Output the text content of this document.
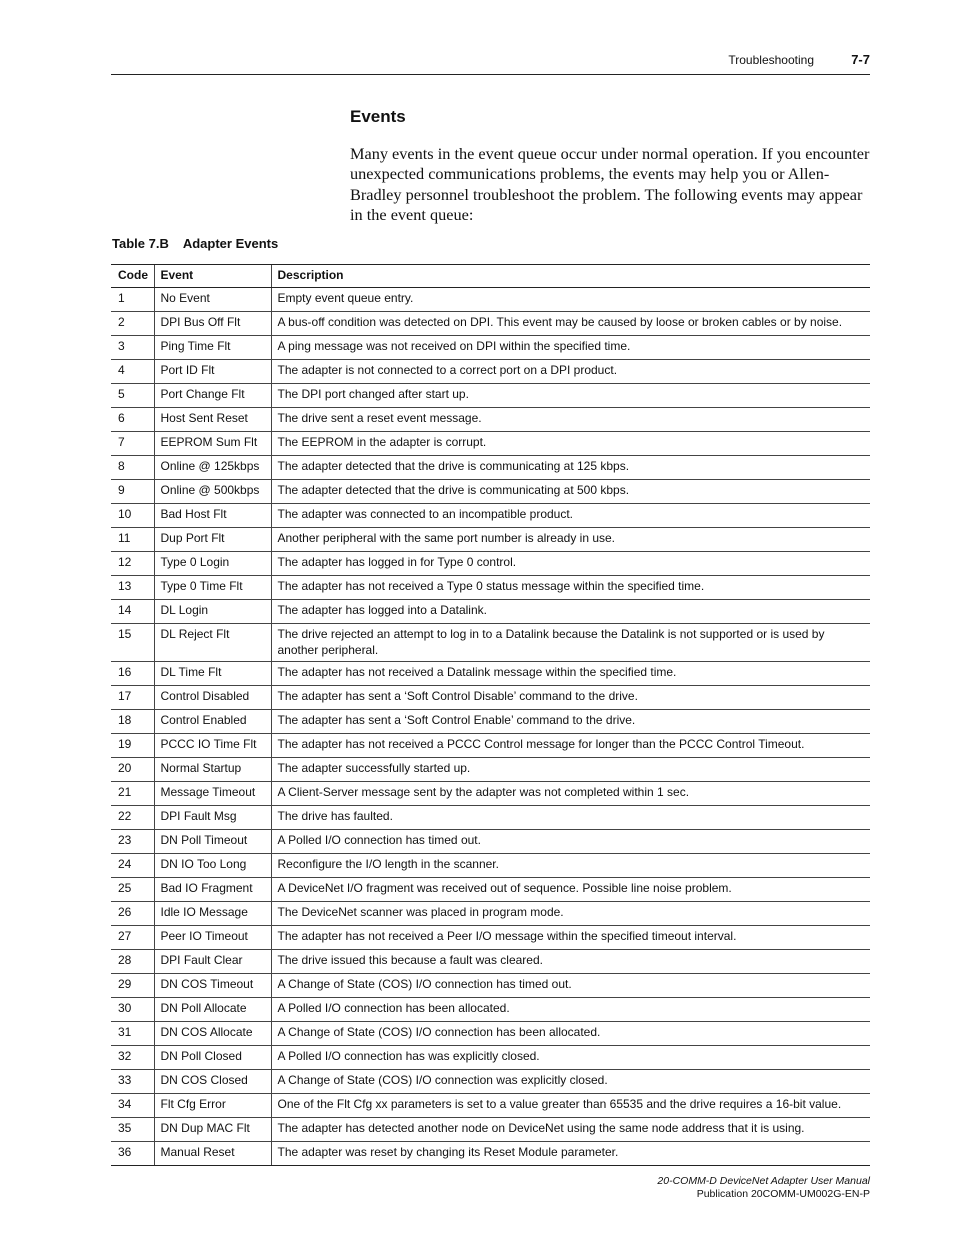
Troubleshooting	7-7
Events

Many events in the event queue occur under normal operation. If you encounter unexpected communications problems, the events may help you or Allen-Bradley personnel troubleshoot the problem. The following events may appear in the event queue:

Table 7.B Adapter Events
Code	Event	Description
1	No Event	Empty event queue entry.
2	DPI Bus Off Flt	A bus-off condition was detected on DPI. This event may be caused by loose or broken cables or by noise.
3	Ping Time Flt	A ping message was not received on DPI within the specified time.
4	Port ID Flt	The adapter is not connected to a correct port on a DPI product.
5	Port Change Flt	The DPI port changed after start up.
6	Host Sent Reset	The drive sent a reset event message.
7	EEPROM Sum Flt	The EEPROM in the adapter is corrupt.
8	Online @ 125kbps	The adapter detected that the drive is communicating at 125 kbps.
9	Online @ 500kbps	The adapter detected that the drive is communicating at 500 kbps.
10	Bad Host Flt	The adapter was connected to an incompatible product.
11	Dup Port Flt	Another peripheral with the same port number is already in use.
12	Type 0 Login	The adapter has logged in for Type 0 control.
13	Type 0 Time Flt	The adapter has not received a Type 0 status message within the specified time.
14	DL Login	The adapter has logged into a Datalink.
15	DL Reject Flt	The drive rejected an attempt to log in to a Datalink because the Datalink is not supported or is used by another peripheral.
16	DL Time Flt	The adapter has not received a Datalink message within the specified time.
17	Control Disabled	The adapter has sent a ‘Soft Control Disable’ command to the drive.
18	Control Enabled	The adapter has sent a ‘Soft Control Enable’ command to the drive.
19	PCCC IO Time Flt	The adapter has not received a PCCC Control message for longer than the PCCC Control Timeout.
20	Normal Startup	The adapter successfully started up.
21	Message Timeout	A Client-Server message sent by the adapter was not completed within 1 sec.
22	DPI Fault Msg	The drive has faulted.
23	DN Poll Timeout	A Polled I/O connection has timed out.
24	DN IO Too Long	Reconfigure the I/O length in the scanner.
25	Bad IO Fragment	A DeviceNet I/O fragment was received out of sequence. Possible line noise problem.
26	Idle IO Message	The DeviceNet scanner was placed in program mode.
27	Peer IO Timeout	The adapter has not received a Peer I/O message within the specified timeout interval.
28	DPI Fault Clear	The drive issued this because a fault was cleared.
29	DN COS Timeout	A Change of State (COS) I/O connection has timed out.
30	DN Poll Allocate	A Polled I/O connection has been allocated.
31	DN COS Allocate	A Change of State (COS) I/O connection has been allocated.
32	DN Poll Closed	A Polled I/O connection has was explicitly closed.
33	DN COS Closed	A Change of State (COS) I/O connection was explicitly closed.
34	Flt Cfg Error	One of the Flt Cfg xx parameters is set to a value greater than 65535 and the drive requires a 16-bit value.
35	DN Dup MAC Flt	The adapter has detected another node on DeviceNet using the same node address that it is using.
36	Manual Reset	The adapter was reset by changing its Reset Module parameter.
20-COMM-D DeviceNet Adapter User Manual
Publication 20COMM-UM002G-EN-P
